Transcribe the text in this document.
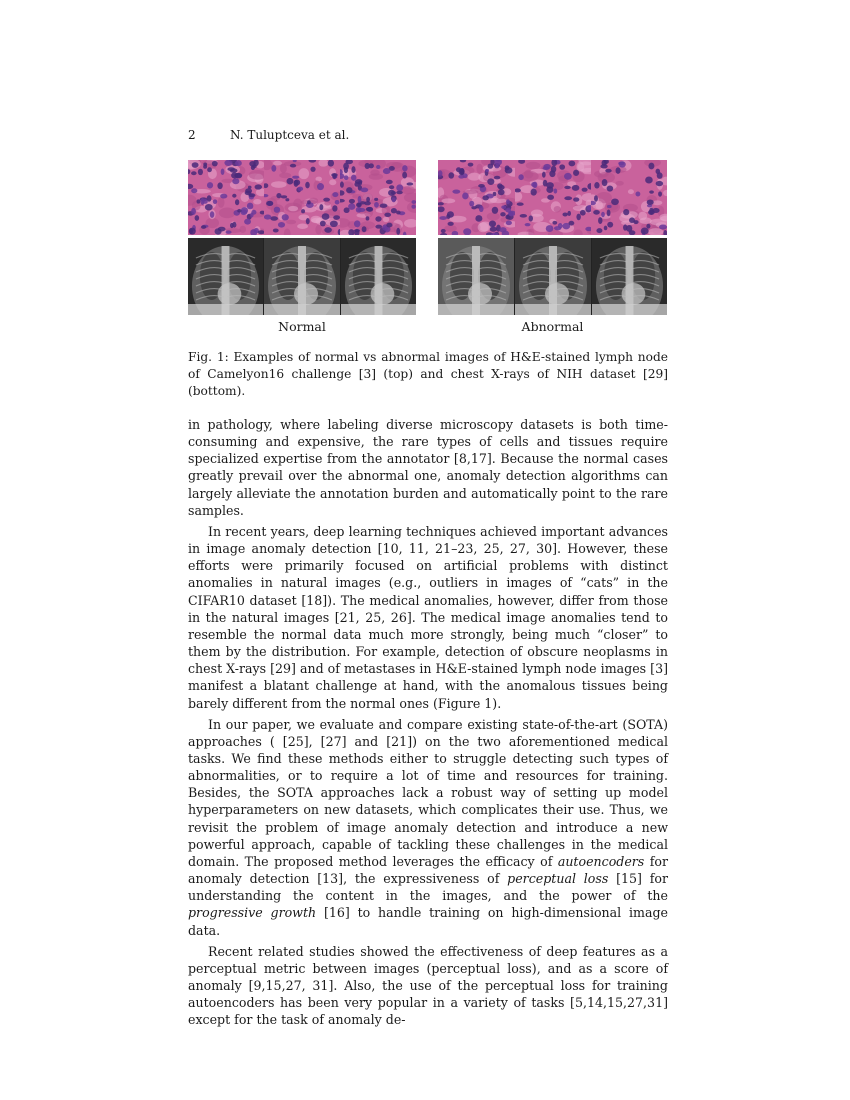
2	N. Tuluptceva et al.
Normal	Abnormal
Fig. 1: Examples of normal vs abnormal images of H&E-stained lymph node of Camelyon16 challenge [3] (top) and chest X-rays of NIH dataset [29] (bottom).

in pathology, where labeling diverse microscopy datasets is both time-consuming and expensive, the rare types of cells and tissues require specialized expertise from the annotator [8,17]. Because the normal cases greatly prevail over the abnormal one, anomaly detection algorithms can largely alleviate the annotation burden and automatically point to the rare samples.

In recent years, deep learning techniques achieved important advances in image anomaly detection [10, 11, 21–23, 25, 27, 30]. However, these efforts were primarily focused on artificial problems with distinct anomalies in natural images (e.g., outliers in images of “cats” in the CIFAR10 dataset [18]). The medical anomalies, however, differ from those in the natural images [21, 25, 26]. The medical image anomalies tend to resemble the normal data much more strongly, being much “closer” to them by the distribution. For example, detection of obscure neoplasms in chest X-rays [29] and of metastases in H&E-stained lymph node images [3] manifest a blatant challenge at hand, with the anomalous tissues being barely different from the normal ones (Figure 1).

In our paper, we evaluate and compare existing state-of-the-art (SOTA) approaches ( [25], [27] and [21]) on the two aforementioned medical tasks. We find these methods either to struggle detecting such types of abnormalities, or to require a lot of time and resources for training. Besides, the SOTA approaches lack a robust way of setting up model hyperparameters on new datasets, which complicates their use. Thus, we revisit the problem of image anomaly detection and introduce a new powerful approach, capable of tackling these challenges in the medical domain. The proposed method leverages the efficacy of autoencoders for anomaly detection [13], the expressiveness of perceptual loss [15] for understanding the content in the images, and the power of the progressive growth [16] to handle training on high-dimensional image data.

Recent related studies showed the effectiveness of deep features as a perceptual metric between images (perceptual loss), and as a score of anomaly [9,15,27, 31]. Also, the use of the perceptual loss for training autoencoders has been very popular in a variety of tasks [5,14,15,27,31] except for the task of anomaly de-
